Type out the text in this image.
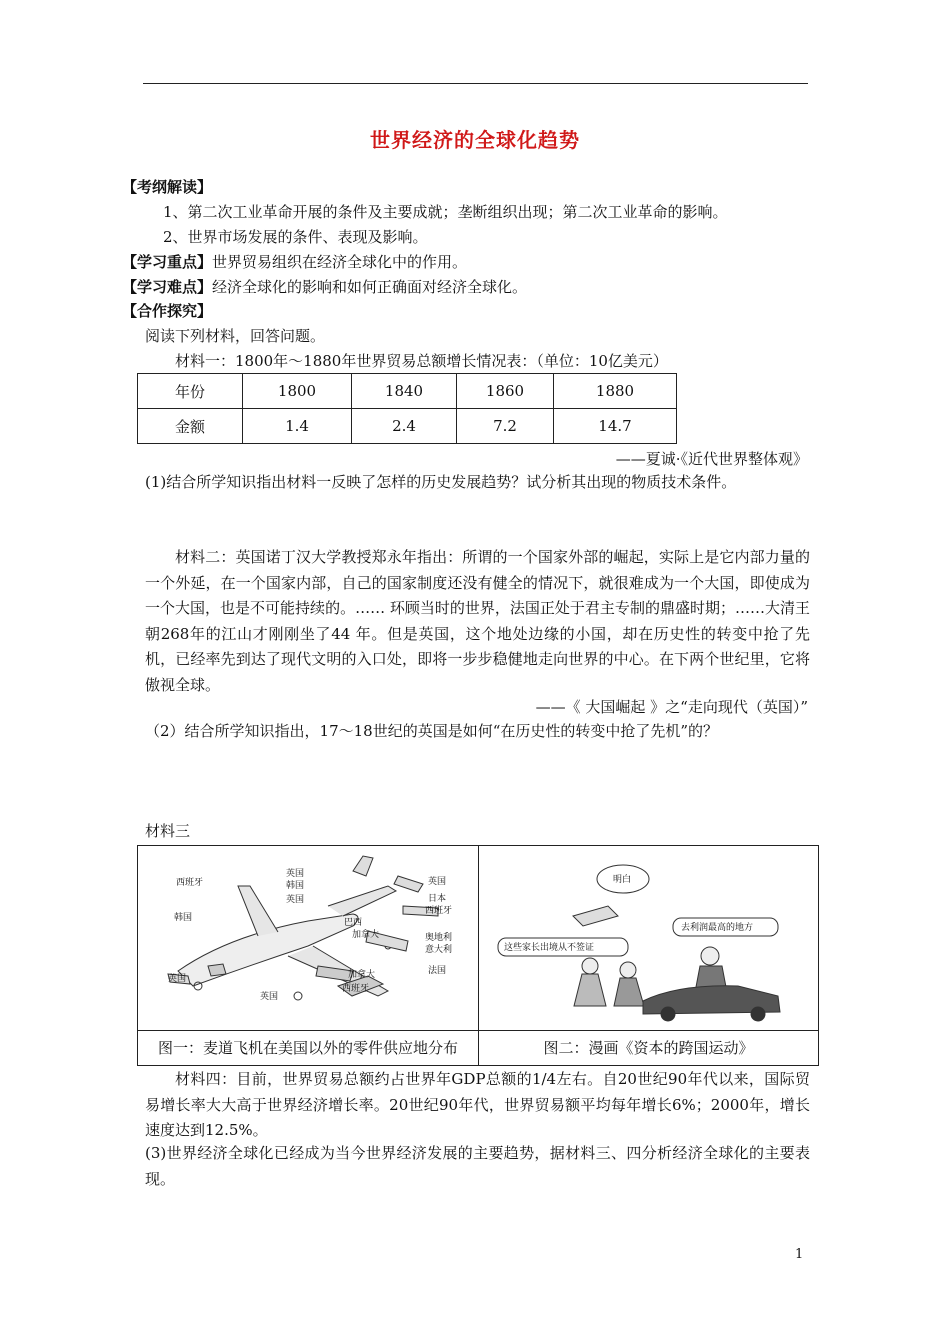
世界经济的全球化趋势
【考纲解读】
1、第二次工业革命开展的条件及主要成就；垄断组织出现；第二次工业革命的影响。
2、世界市场发展的条件、表现及影响。
【学习重点】世界贸易组织在经济全球化中的作用。
【学习难点】经济全球化的影响和如何正确面对经济全球化。
【合作探究】
阅读下列材料，回答问题。
材料一：1800年～1880年世界贸易总额增长情况表：（单位：10亿美元）
年份	1800	1840	1860	1880
金额	1.4	2.4	7.2	14.7
——夏诚·《近代世界整体观》
(1)结合所学知识指出材料一反映了怎样的历史发展趋势？试分析其出现的物质技术条件。
材料二：英国诺丁汉大学教授郑永年指出：所谓的一个国家外部的崛起，实际上是它内部力量的一个外延，在一个国家内部，自己的国家制度还没有健全的情况下，就很难成为一个大国，即使成为一个大国，也是不可能持续的。…… 环顾当时的世界，法国正处于君主专制的鼎盛时期；……大清王朝268年的江山才刚刚坐了44 年。但是英国，这个地处边缘的小国，却在历史性的转变中抢了先机，已经率先到达了现代文明的入口处，即将一步步稳健地走向世界的中心。在下两个世纪里，它将傲视全球。
——《 大国崛起 》之“走向现代（英国）”
（2）结合所学知识指出，17～18世纪的英国是如何“在历史性的转变中抢了先机”的？
材料三
西班牙
英国
韩国
英国
韩国
英国
日本
西班牙
巴西
加拿大	奥地利
意大利
法国
加拿大
西班牙
英国
英国
明白
去利润最高的地方
这些家长出境从不签证
图一：麦道飞机在美国以外的零件供应地分布	图二：漫画《资本的跨国运动》
材料四：目前，世界贸易总额约占世界年GDP总额的1/4左右。自20世纪90年代以来，国际贸易增长率大大高于世界经济增长率。20世纪90年代，世界贸易额平均每年增长6%；2000年，增长速度达到12.5%。
(3)世界经济全球化已经成为当今世界经济发展的主要趋势，据材料三、四分析经济全球化的主要表现。
1
